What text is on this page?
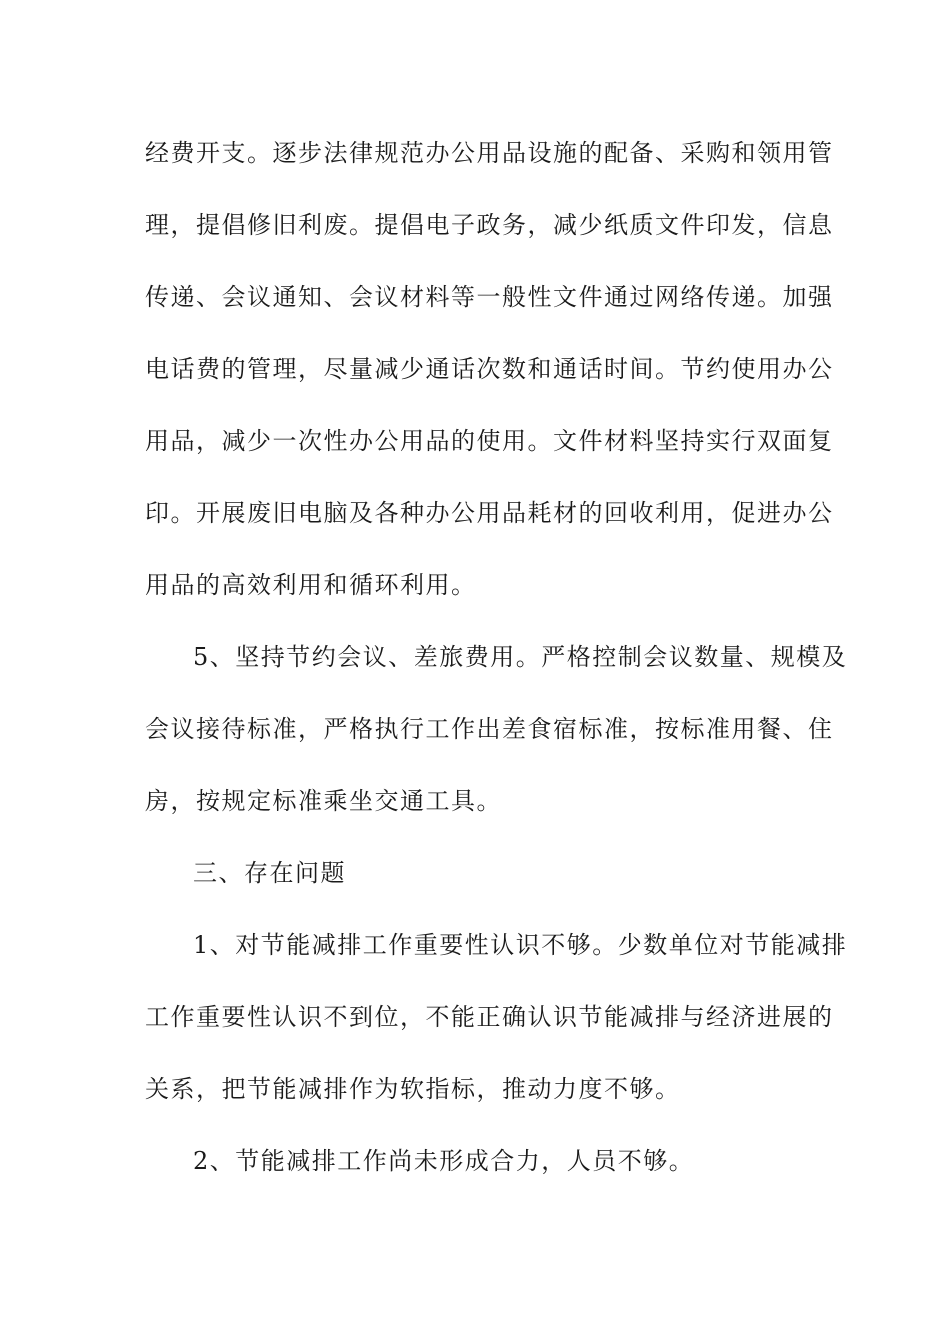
经费开支。逐步法律规范办公用品设施的配备、采购和领用管
理，提倡修旧利废。提倡电子政务，减少纸质文件印发，信息
传递、会议通知、会议材料等一般性文件通过网络传递。加强
电话费的管理，尽量减少通话次数和通话时间。节约使用办公
用品，减少一次性办公用品的使用。文件材料坚持实行双面复
印。开展废旧电脑及各种办公用品耗材的回收利用，促进办公
用品的高效利用和循环利用。
5、坚持节约会议、差旅费用。严格控制会议数量、规模及
会议接待标准，严格执行工作出差食宿标准，按标准用餐、住
房，按规定标准乘坐交通工具。
三、存在问题
1、对节能减排工作重要性认识不够。少数单位对节能减排
工作重要性认识不到位，不能正确认识节能减排与经济进展的
关系，把节能减排作为软指标，推动力度不够。
2、节能减排工作尚未形成合力，人员不够。
